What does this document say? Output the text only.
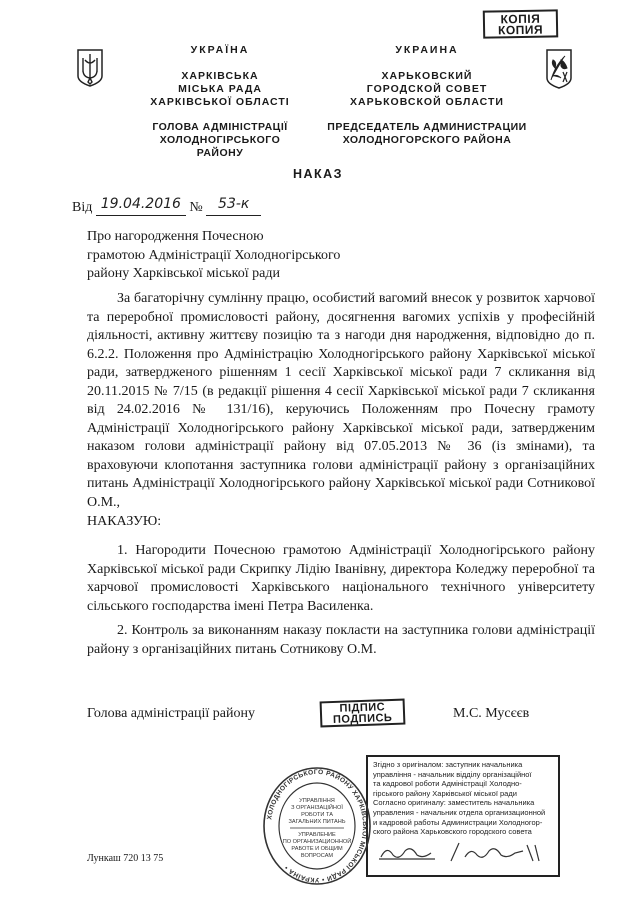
КОПІЯ
КОПИЯ
УКРАЇНА
ХАРКІВСЬКА
МІСЬКА РАДА
ХАРКІВСЬКОЇ ОБЛАСТІ
ГОЛОВА АДМІНІСТРАЦІЇ
ХОЛОДНОГІРСЬКОГО РАЙОНУ
УКРАИНА
ХАРЬКОВСКИЙ
ГОРОДСКОЙ СОВЕТ
ХАРЬКОВСКОЙ ОБЛАСТИ
ПРЕДСЕДАТЕЛЬ АДМИНИСТРАЦИИ
ХОЛОДНОГОРСКОГО РАЙОНА
НАКАЗ
Від 19.04.2016 № 53-к
Про нагородження Почесною
грамотою Адміністрації Холодногірського
району Харківської міської ради
За багаторічну сумлінну працю, особистий вагомий внесок у розвиток харчової та переробної промисловості району, досягнення вагомих успіхів у професійній діяльності, активну життєву позицію та з нагоди дня народження, відповідно до п. 6.2.2. Положення про Адміністрацію Холодногірського району Харківської міської ради, затвердженого рішенням 1 сесії Харківської міської ради 7 скликання від 20.11.2015 № 7/15 (в редакції рішення 4 сесії Харківської міської ради 7 скликання від 24.02.2016 № 131/16), керуючись Положенням про Почесну грамоту Адміністрації Холодногірського району Харківської міської ради, затвердженим наказом голови адміністрації району від 07.05.2013 № 36 (із змінами), та враховуючи клопотання заступника голови адміністрації району з організаційних питань Адміністрації Холодногірського району Харківської міської ради Сотникової О.М.,
НАКАЗУЮ:
1. Нагородити Почесною грамотою Адміністрації Холодногірського району Харківської міської ради Скрипку Лідію Іванівну, директора Коледжу переробної та харчової промисловості Харківського національного технічного університету сільського господарства імені Петра Василенка.
2. Контроль за виконанням наказу покласти на заступника голови адміністрації району з організаційних питань Сотникову О.М.
Голова адміністрації району	ПІДПИС
ПОДПИСЬ	М.С. Мусєєв
Згідно з оригіналом: заступник начальника
управління - начальник відділу організаційної
та кадрової роботи Адміністрації Холодно-
гірського району Харківської міської ради
Согласно оригиналу: заместитель начальника
управления - начальник отдела организационной
и кадровой работы Администрации Холодногор-
ского района Харьковского городского совета
ХОЛОДНОГІРСЬКОГО РАЙОНУ ХАРКІВСЬКОЇ МІСЬКОЇ РАДИ • УКРАЇНА •
УПРАВЛІННЯ
З ОРГАНІЗАЦІЙНОЇ
РОБОТИ ТА
ЗАГАЛЬНИХ ПИТАНЬ
УПРАВЛЕНИЕ
ПО ОРГАНИЗАЦИОННОЙ
РАБОТЕ И ОБЩИМ
ВОПРОСАМ
Лункаш 720 13 75
